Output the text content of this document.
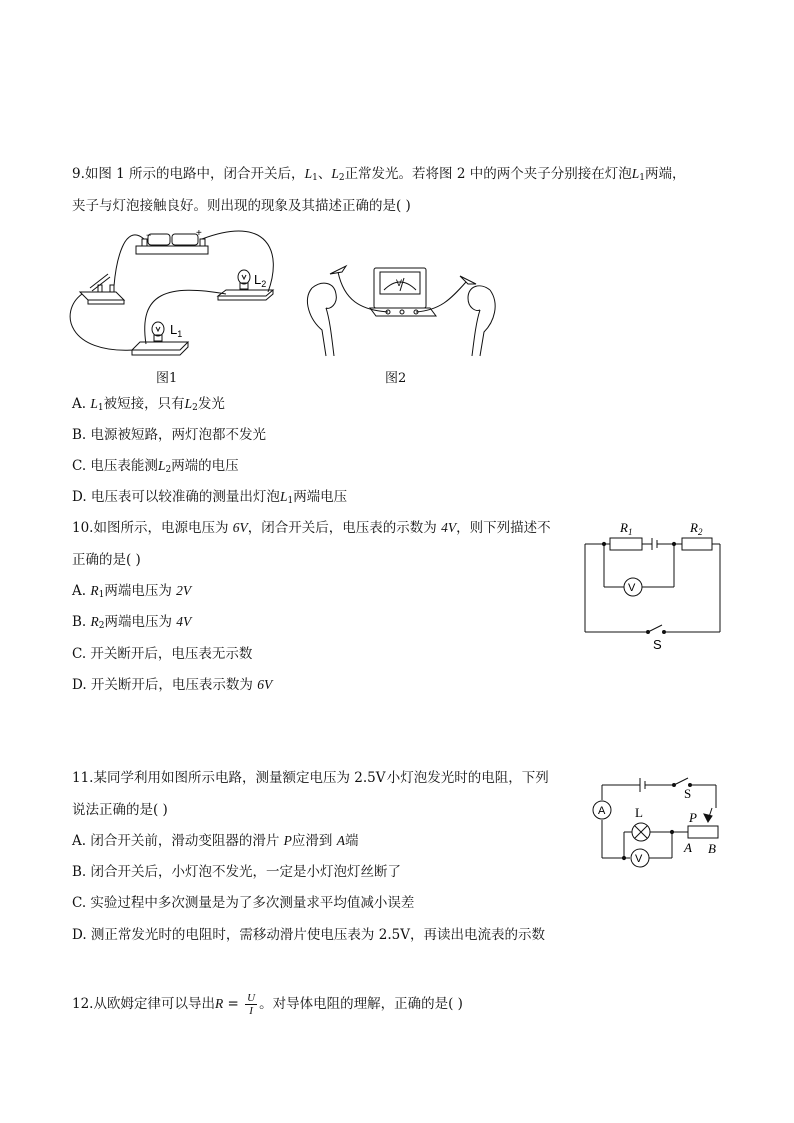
9.如图 1 所示的电路中，闭合开关后，$L_1$、$L_2$正常发光。若将图 2 中的两个夹子分别接在灯泡$L_1$两端，
夹子与灯泡接触良好。则出现的现象及其描述正确的是( )
−	+
$L_2$
$L_1$
图1
V
图2
A. $L_1$被短接，只有$L_2$发光
B. 电源被短路，两灯泡都不发光
C. 电压表能测$L_2$两端的电压
D. 电压表可以较准确的测量出灯泡$L_1$两端电压
10.如图所示，电源电压为 6V，闭合开关后，电压表的示数为 4V，则下列描述不
正确的是( )
$R_1$	$R_2$
V
S
A. $R_1$两端电压为 2V
B. $R_2$两端电压为 4V
C. 开关断开后，电压表无示数
D. 开关断开后，电压表示数为 6V
11.某同学利用如图所示电路，测量额定电压为 2.5V 小灯泡发光时的电阻，下列
说法正确的是( )	A L
S
P
V
A B
A. 闭合开关前，滑动变阻器的滑片 P应滑到 A端
B. 闭合开关后，小灯泡不发光，一定是小灯泡灯丝断了
C. 实验过程中多次测量是为了多次测量求平均值减小误差
D. 测正常发光时的电阻时，需移动滑片使电压表为 2.5V，再读出电流表的示数
12.从欧姆定律可以导出$R = \frac{U}{I}$ 。对导体电阻的理解，正确的是( )
